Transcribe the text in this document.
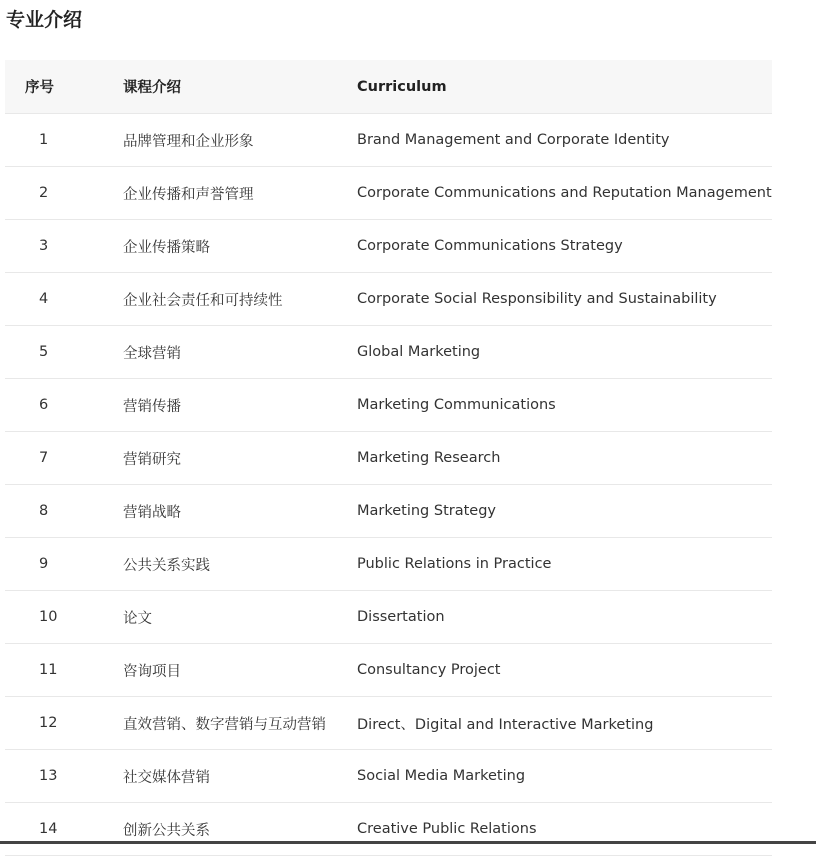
专业介绍
序号	课程介绍	Curriculum
1	品牌管理和企业形象	Brand Management and Corporate Identity
2	企业传播和声誉管理	Corporate Communications and Reputation Management
3	企业传播策略	Corporate Communications Strategy
4	企业社会责任和可持续性	Corporate Social Responsibility and Sustainability
5	全球营销	Global Marketing
6	营销传播	Marketing Communications
7	营销研究	Marketing Research
8	营销战略	Marketing Strategy
9	公共关系实践	Public Relations in Practice
10	论文	Dissertation
11	咨询项目	Consultancy Project
12	直效营销、数字营销与互动营销	Direct、Digital and Interactive Marketing
13	社交媒体营销	Social Media Marketing
14	创新公共关系	Creative Public Relations
